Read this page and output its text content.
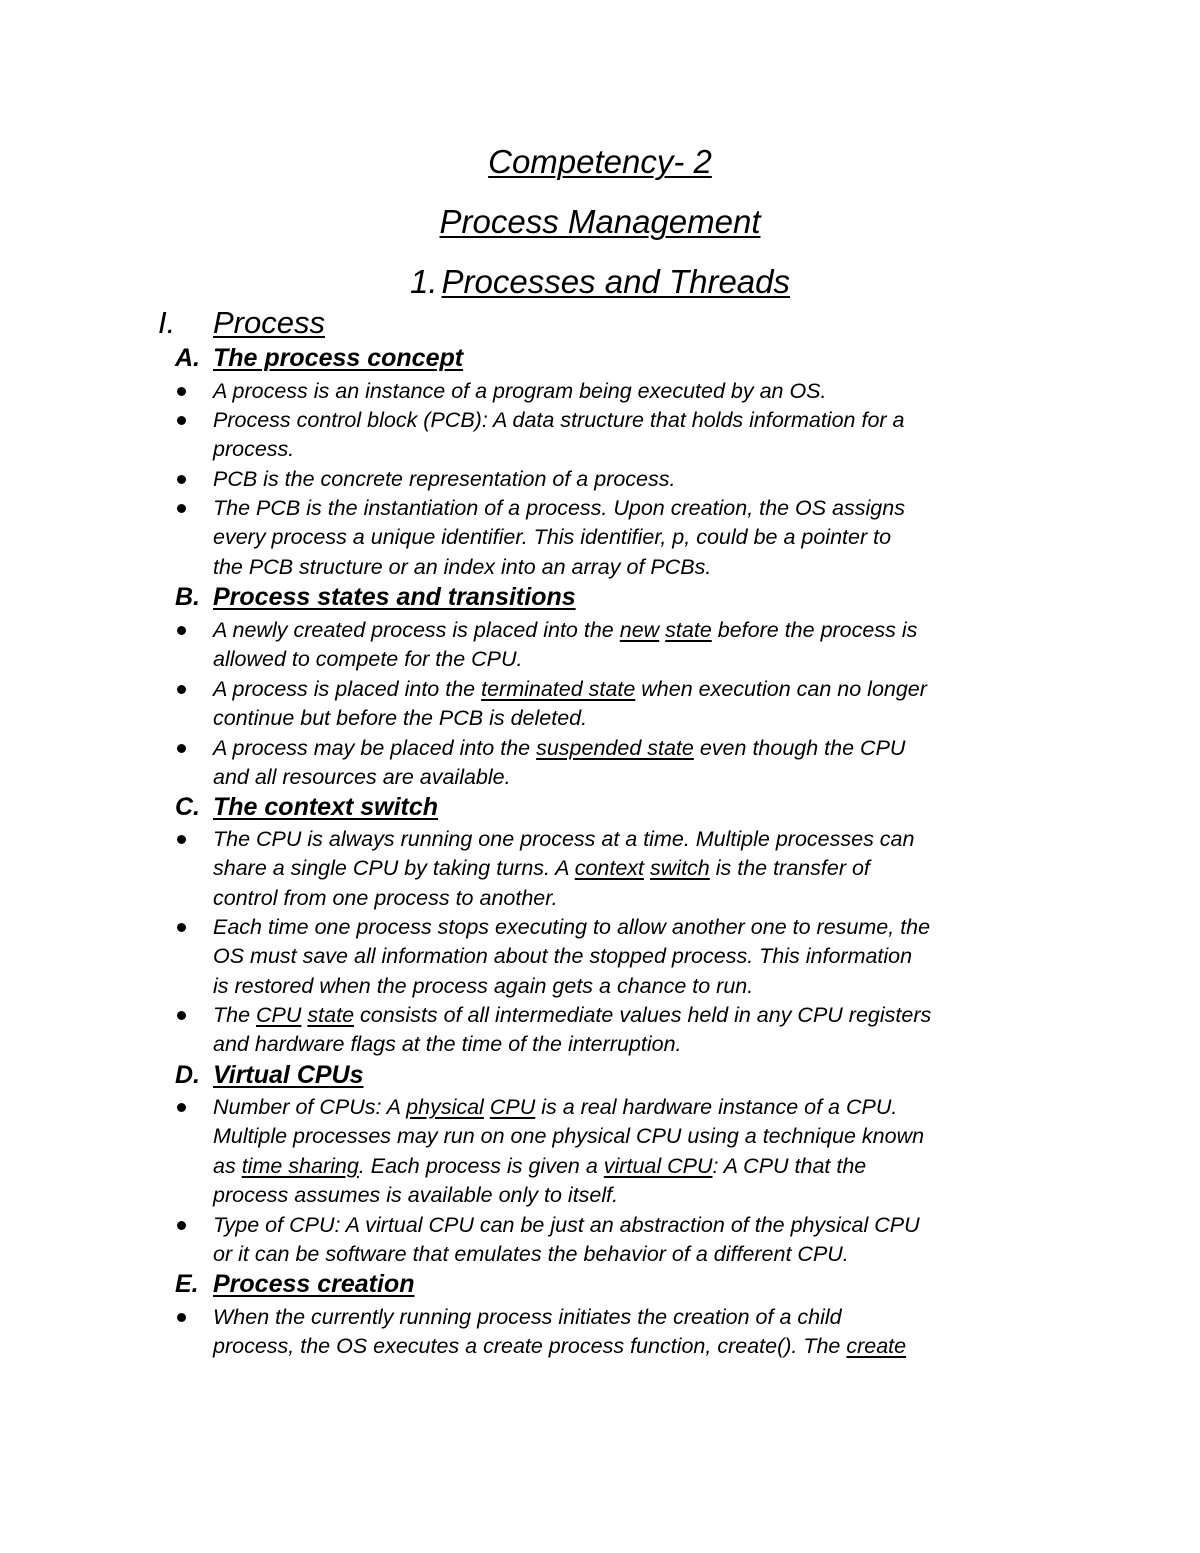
Competency- 2
Process Management
1. Processes and Threads
I. Process
A. The process concept
A process is an instance of a program being executed by an OS.
Process control block (PCB): A data structure that holds information for a
process.
PCB is the concrete representation of a process.
The PCB is the instantiation of a process. Upon creation, the OS assigns
every process a unique identifier. This identifier, p, could be a pointer to
the PCB structure or an index into an array of PCBs.
B. Process states and transitions
A newly created process is placed into the new state before the process is
allowed to compete for the CPU.
A process is placed into the terminated state when execution can no longer
continue but before the PCB is deleted.
A process may be placed into the suspended state even though the CPU
and all resources are available.
C. The context switch
The CPU is always running one process at a time. Multiple processes can
share a single CPU by taking turns. A context switch is the transfer of
control from one process to another.
Each time one process stops executing to allow another one to resume, the
OS must save all information about the stopped process. This information
is restored when the process again gets a chance to run.
The CPU state consists of all intermediate values held in any CPU registers
and hardware flags at the time of the interruption.
D. Virtual CPUs
Number of CPUs: A physical CPU is a real hardware instance of a CPU.
Multiple processes may run on one physical CPU using a technique known
as time sharing. Each process is given a virtual CPU: A CPU that the
process assumes is available only to itself.
Type of CPU: A virtual CPU can be just an abstraction of the physical CPU
or it can be software that emulates the behavior of a different CPU.
E. Process creation
When the currently running process initiates the creation of a child
process, the OS executes a create process function, create(). The create
